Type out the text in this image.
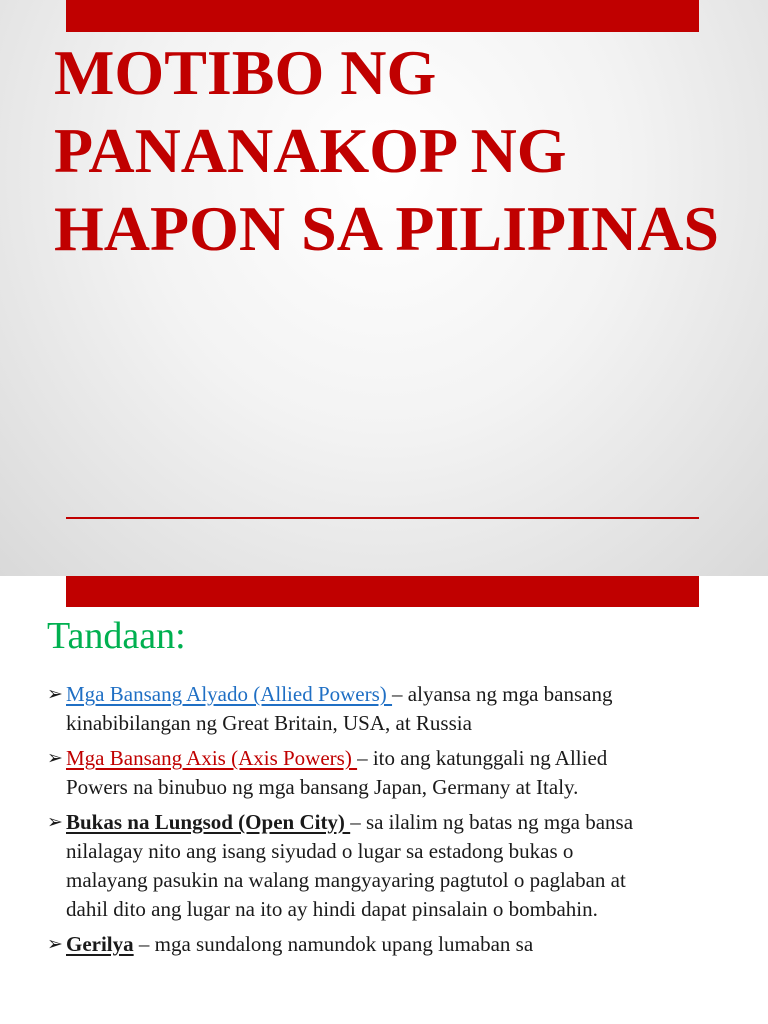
MOTIBO NG PANANAKOP NG HAPON SA PILIPINAS
Tandaan:
➢ Mga Bansang Alyado (Allied Powers) – alyansa ng mga bansang kinabibilangan ng Great Britain, USA, at Russia
➢ Mga Bansang Axis (Axis Powers) – ito ang katunggali ng Allied Powers na binubuo ng mga bansang Japan, Germany at Italy.
➢ Bukas na Lungsod (Open City) – sa ilalim ng batas ng mga bansa nilalagay nito ang isang siyudad o lugar sa estadong bukas o malayang pasukin na walang mangyayaring pagtutol o paglaban at dahil dito ang lugar na ito ay hindi dapat pinsalain o bombahin.
➢ Gerilya – mga sundalong namundok upang lumaban sa
